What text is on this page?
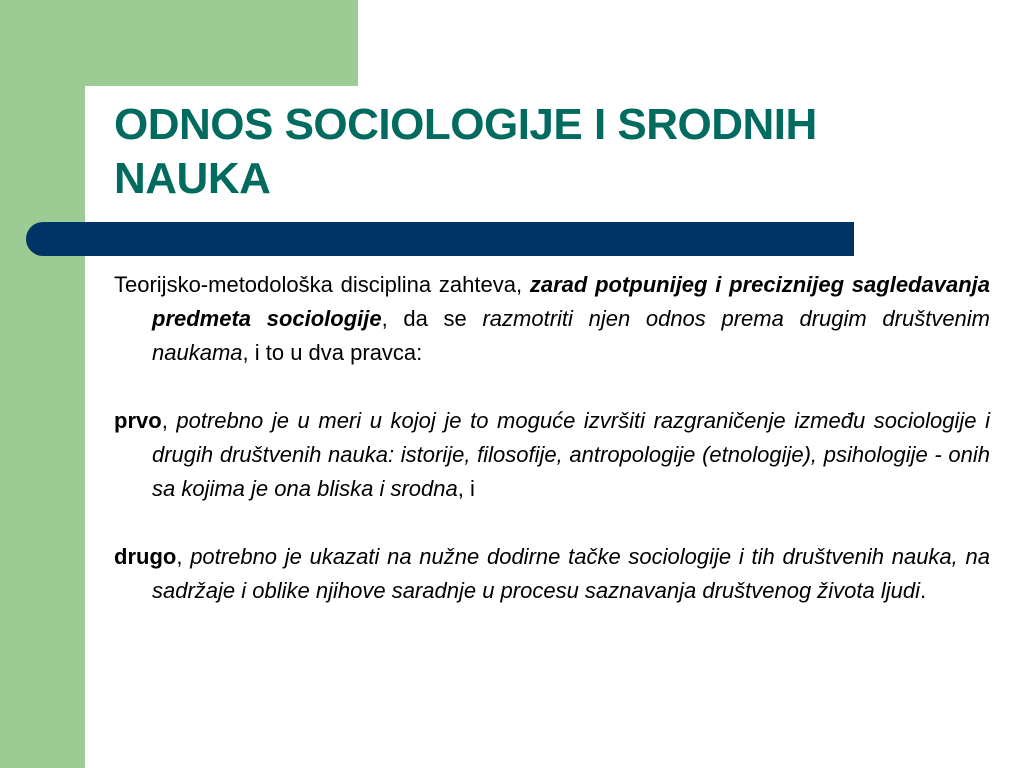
ODNOS SOCIOLOGIJE I SRODNIH
NAUKA

Teorijsko-metodološka disciplina zahteva, zarad potpunijeg i preciznijeg sagledavanja predmeta sociologije, da se razmotriti njen odnos prema drugim društvenim naukama, i to u dva pravca:

prvo, potrebno je u meri u kojoj je to moguće izvršiti razgraničenje između sociologije i drugih društvenih nauka: istorije, filosofije, antropologije (etnologije), psihologije - onih sa kojima je ona bliska i srodna, i

drugo, potrebno je ukazati na nužne dodirne tačke sociologije i tih društvenih nauka, na sadržaje i oblike njihove saradnje u procesu saznavanja društvenog života ljudi.
